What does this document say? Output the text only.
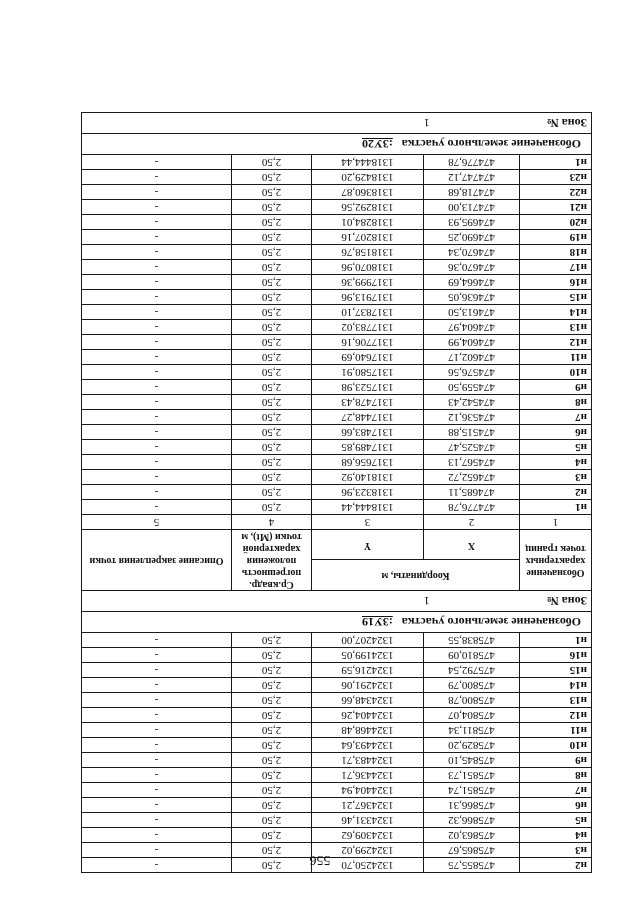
556	н2	475855,75	1324250,70	2,50	-
н3	475865,67	1324299,02	2,50	-
н4	475863,02	1324309,62	2,50	-
н5	475866,32	1324331,46	2,50	-
н6	475866,31	1324367,21	2,50	-
н7	475851,74	1324404,94	2,50	-
н8	475851,73	1324436,71	2,50	-
н9	475845,10	1324483,71	2,50	-
н10	475829,20	1324493,64	2,50	-
н11	475811,34	1324468,48	2,50	-
н12	475804,07	1324404,26	2,50	-
н13	475800,78	1324348,66	2,50	-
н14	475800,79	1324291,06	2,50	-
н15	475792,54	1324216,59	2,50	-
н16	475810,09	1324199,05	2,50	-
н1	475838,55	1324207,00	2,50	-
Обозначение земельного участка :3У19				
Зона № 1				
Обозначение характерных точек границ	Координаты, м		Ср.квадр. погрешность положения характерной точки (Mt), м	Описание закрепления точки
	X	Y		
1	2	3	4	5
н1	474776,78	1318444,44	2,50	-
н2	474685,11	1318323,96	2,50	-
н3	474652,72	1318140,92	2,50	-
н4	474567,13	1317656,68	2,50	-
н5	474525,47	1317489,85	2,50	-
н6	474515,88	1317483,66	2,50	-
н7	474536,12	1317448,27	2,50	-
н8	474542,43	1317478,43	2,50	-
н9	474559,50	1317523,98	2,50	-
н10	474576,56	1317580,91	2,50	-
н11	474602,17	1317640,69	2,50	-
н12	474604,99	1317706,16	2,50	-
н13	474604,97	1317783,02	2,50	-
н14	474613,50	1317837,10	2,50	-
н15	474636,05	1317913,96	2,50	-
н16	474664,69	1317999,36	2,50	-
н17	474670,36	1318070,96	2,50	-
н18	474670,34	1318158,76	2,50	-
н19	474690,25	1318207,16	2,50	-
н20	474695,93	1318284,01	2,50	-
н21	474713,00	1318292,56	2,50	-
н22	474718,68	1318360,87	2,50	-
н23	474747,12	1318429,20	2,50	-
н1	474776,78	1318444,44	2,50	-
Обозначение земельного участка :3У20				
Зона № 1				
